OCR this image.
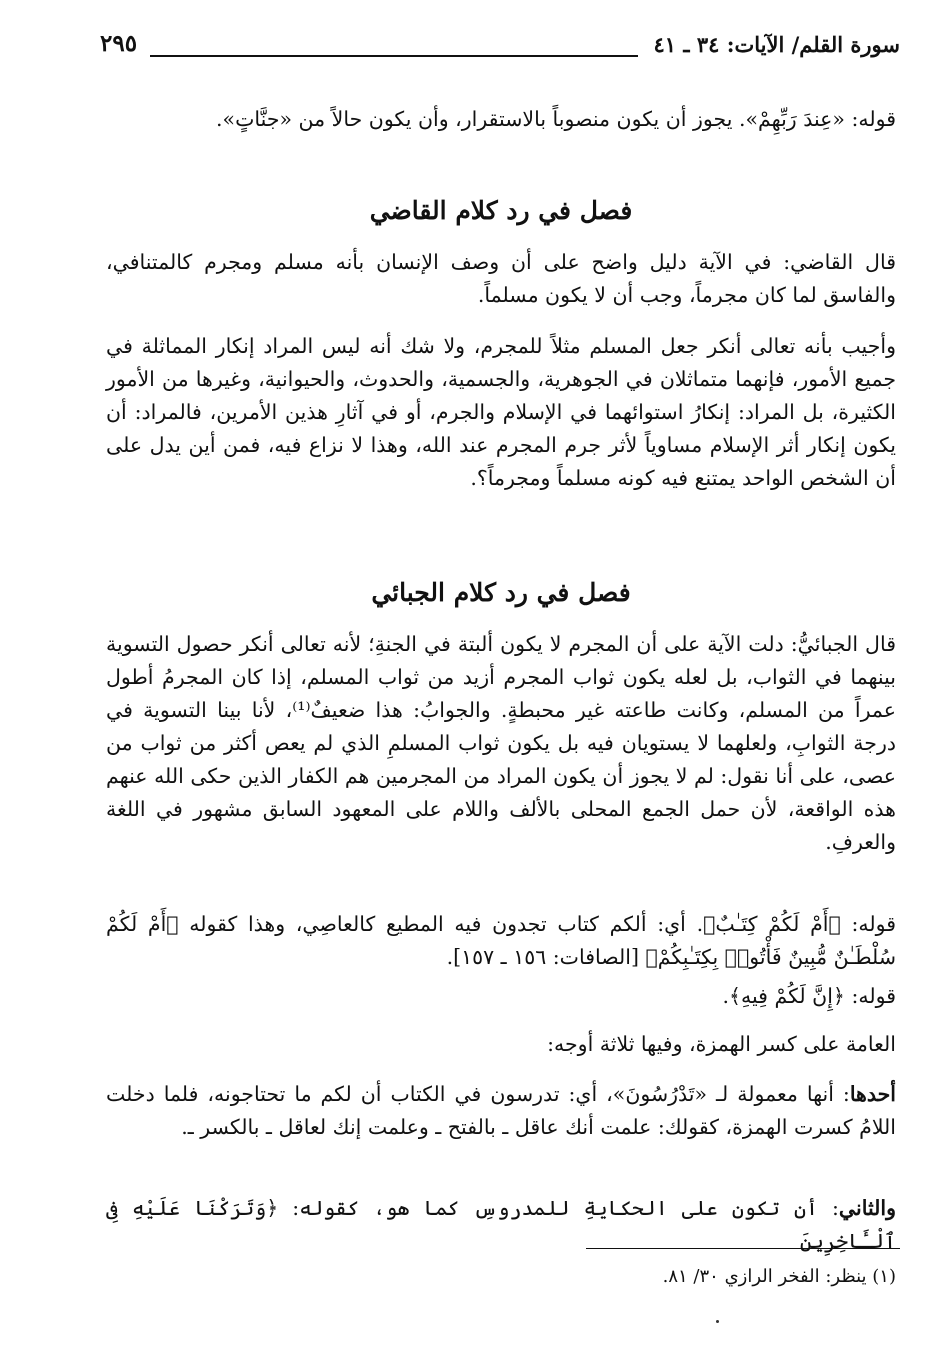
سورة القلم/ الآيات: ٣٤ ـ ٤١
٢٩٥

قوله: «عِندَ رَبِّهِمْ». يجوز أن يكون منصوباً بالاستقرار، وأن يكون حالاً من «جنَّاتٍ».

فصل في رد كلام القاضي

قال القاضي: في الآية دليل واضح على أن وصف الإنسان بأنه مسلم ومجرم كالمتنافي، والفاسق لما كان مجرماً، وجب أن لا يكون مسلماً.

وأجيب بأنه تعالى أنكر جعل المسلم مثلاً للمجرم، ولا شك أنه ليس المراد إنكار المماثلة في جميع الأمور، فإنهما متماثلان في الجوهرية، والجسمية، والحدوث، والحيوانية، وغيرها من الأمور الكثيرة، بل المراد: إنكارُ استوائهما في الإسلام والجرم، أو في آثارِ هذين الأمرين، فالمراد: أن يكون إنكار أثر الإسلام مساوياً لأثر جرم المجرم عند الله، وهذا لا نزاع فيه، فمن أين يدل على أن الشخص الواحد يمتنع فيه كونه مسلماً ومجرماً؟.

فصل في رد كلام الجبائي

قال الجبائيُّ: دلت الآية على أن المجرم لا يكون ألبتة في الجنةِ؛ لأنه تعالى أنكر حصول التسوية بينهما في الثواب، بل لعله يكون ثواب المجرم أزيد من ثواب المسلم، إذا كان المجرمُ أطول عمراً من المسلم، وكانت طاعته غير محبطةٍ. والجوابُ: هذا ضعيفٌ⁽¹⁾، لأنا بينا التسوية في درجة الثوابِ، ولعلهما لا يستويان فيه بل يكون ثواب المسلمِ الذي لم يعص أكثر من ثواب من عصى، على أنا نقول: لم لا يجوز أن يكون المراد من المجرمين هم الكفار الذين حكى الله عنهم هذه الواقعة، لأن حمل الجمع المحلى بالألف واللام على المعهود السابق مشهور في اللغة والعرفِ.

قوله: ﴿أَمْ لَكُمْ كِتَـٰبٌ﴾. أي: ألكم كتاب تجدون فيه المطيع كالعاصِي، وهذا كقوله ﴿أَمْ لَكُمْ سُلْطَـٰنٌ مُّبِينٌ فَأْتُوا۟ بِكِتَـٰبِكُمْ﴾ [الصافات: ١٥٦ ـ ١٥٧].

قوله: ﴿إِنَّ لَكُمْ فِيهِ﴾.

العامة على كسر الهمزة، وفيها ثلاثة أوجه:

أحدها: أنها معمولة لـ «تَدْرُسُونَ»، أي: تدرسون في الكتاب أن لكم ما تحتاجونه، فلما دخلت اللامُ كسرت الهمزة، كقولك: علمت أنك عاقل ـ بالفتح ـ وعلمت إنك لعاقل ـ بالكسر ـ.

والثاني: أن تكون على الحكايةِ للمدروسِ كما هو، كقوله: ﴿وَتَرَكْنَا عَلَيْهِ فِى ٱلْـَٔاخِرِينَ

(١) ينظر: الفخر الرازي ٣٠/ ٨١.
